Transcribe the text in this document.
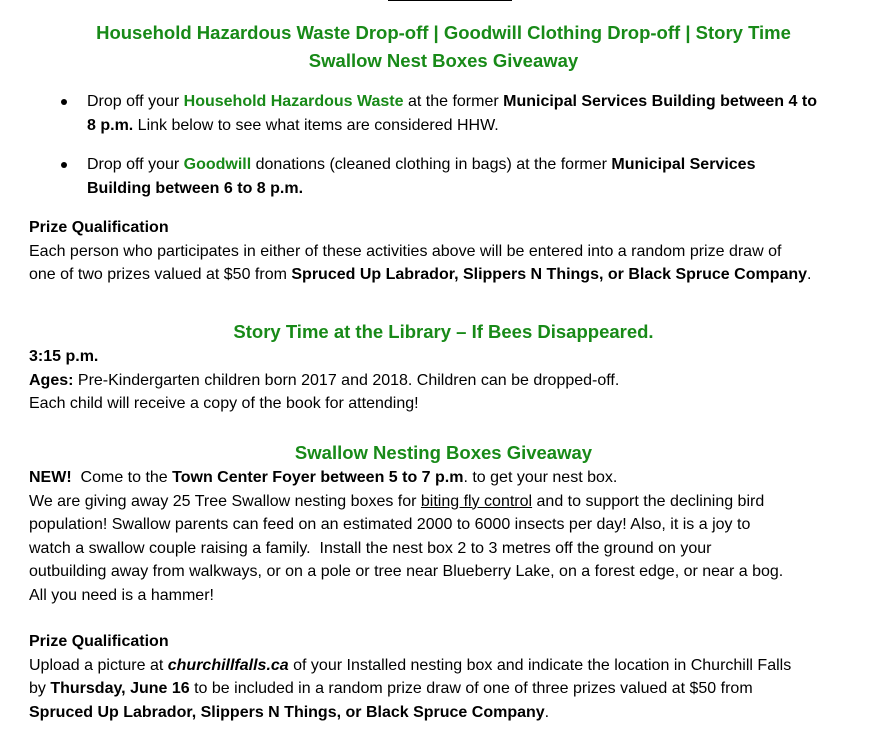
Household Hazardous Waste Drop-off | Goodwill Clothing Drop-off | Story Time
Swallow Nest Boxes Giveaway
Drop off your Household Hazardous Waste at the former Municipal Services Building between 4 to
8 p.m. Link below to see what items are considered HHW.
Drop off your Goodwill donations (cleaned clothing in bags) at the former Municipal Services
Building between 6 to 8 p.m.
Prize Qualification
Each person who participates in either of these activities above will be entered into a random prize draw of
one of two prizes valued at $50 from Spruced Up Labrador, Slippers N Things, or Black Spruce Company.
Story Time at the Library – If Bees Disappeared.
3:15 p.m.
Ages: Pre-Kindergarten children born 2017 and 2018. Children can be dropped-off.
Each child will receive a copy of the book for attending!
Swallow Nesting Boxes Giveaway
NEW!  Come to the Town Center Foyer between 5 to 7 p.m. to get your nest box.
We are giving away 25 Tree Swallow nesting boxes for biting fly control and to support the declining bird
population! Swallow parents can feed on an estimated 2000 to 6000 insects per day! Also, it is a joy to
watch a swallow couple raising a family.  Install the nest box 2 to 3 metres off the ground on your
outbuilding away from walkways, or on a pole or tree near Blueberry Lake, on a forest edge, or near a bog.
All you need is a hammer!
Prize Qualification
Upload a picture at churchillfalls.ca of your Installed nesting box and indicate the location in Churchill Falls
by Thursday, June 16 to be included in a random prize draw of one of three prizes valued at $50 from
Spruced Up Labrador, Slippers N Things, or Black Spruce Company.
